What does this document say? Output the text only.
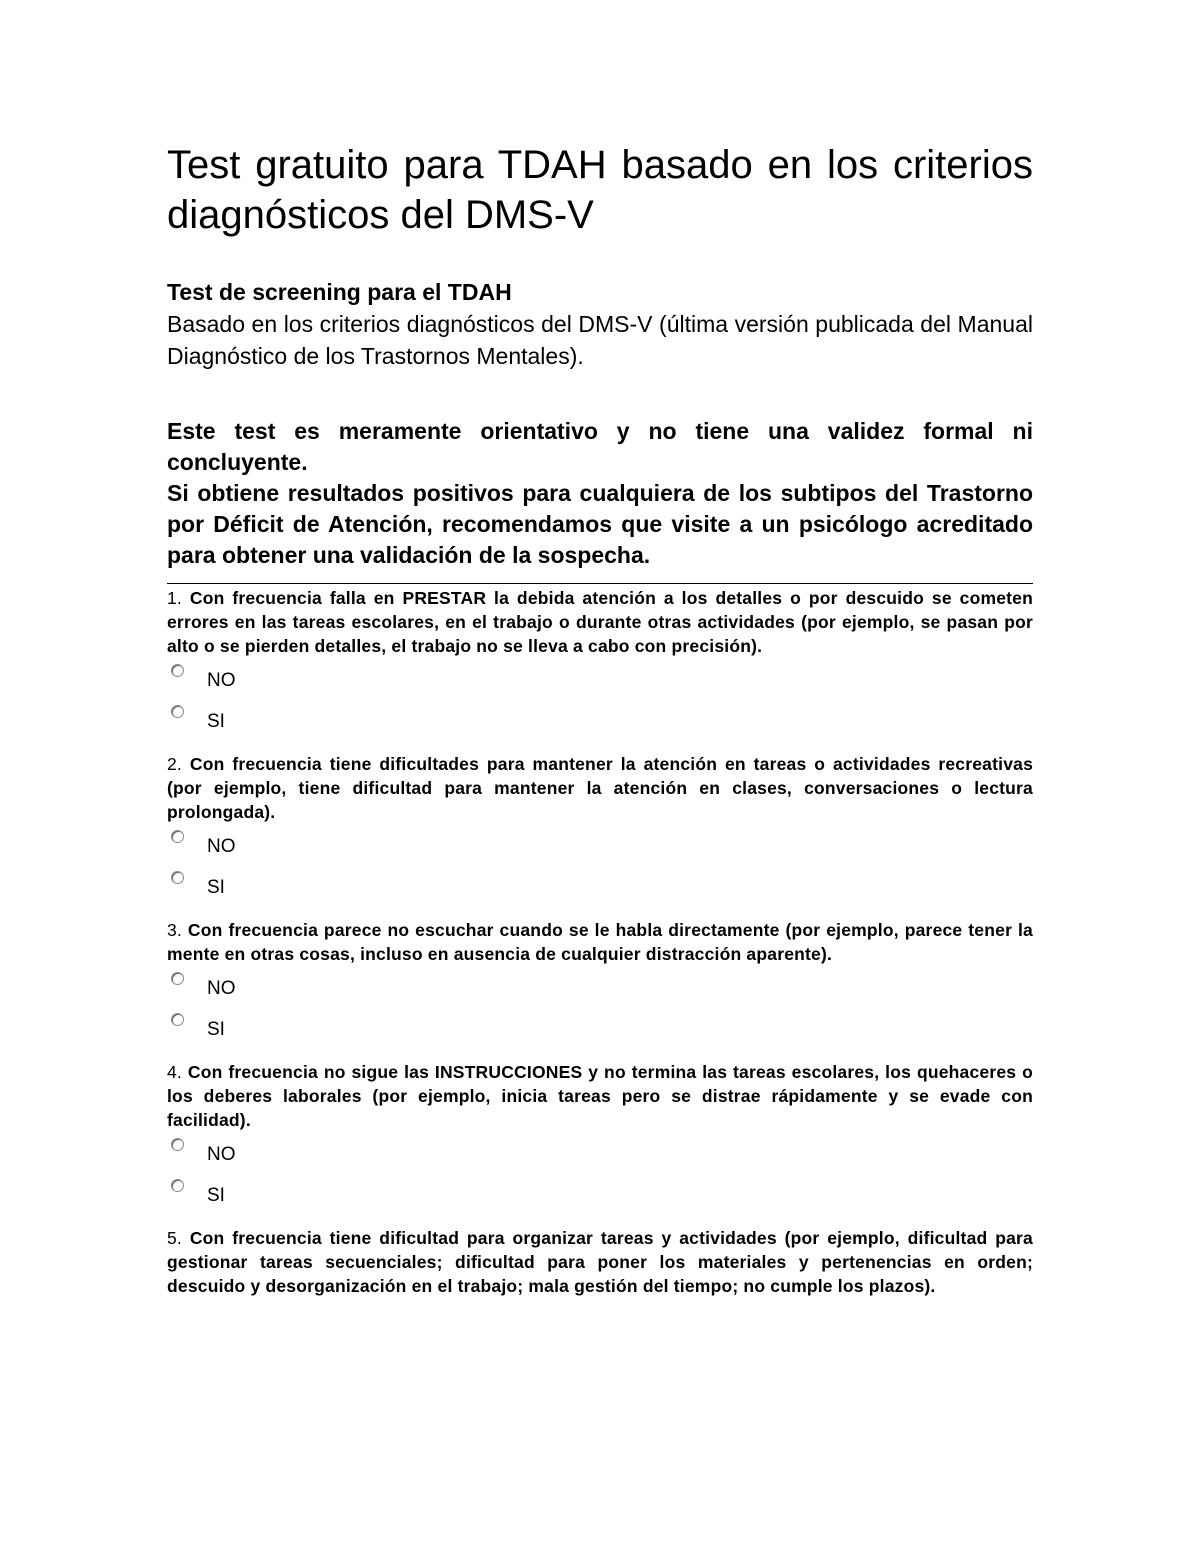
Test gratuito para TDAH basado en los criterios diagnósticos del DMS-V
Test de screening para el TDAH
Basado en los criterios diagnósticos del DMS-V (última versión publicada del Manual Diagnóstico de los Trastornos Mentales).
Este test es meramente orientativo y no tiene una validez formal ni concluyente.
Si obtiene resultados positivos para cualquiera de los subtipos del Trastorno por Déficit de Atención, recomendamos que visite a un psicólogo acreditado para obtener una validación de la sospecha.
1. Con frecuencia falla en PRESTAR la debida atención a los detalles o por descuido se cometen errores en las tareas escolares, en el trabajo o durante otras actividades (por ejemplo, se pasan por alto o se pierden detalles, el trabajo no se lleva a cabo con precisión).
NO
SI
2. Con frecuencia tiene dificultades para mantener la atención en tareas o actividades recreativas (por ejemplo, tiene dificultad para mantener la atención en clases, conversaciones o lectura prolongada).
NO
SI
3. Con frecuencia parece no escuchar cuando se le habla directamente (por ejemplo, parece tener la mente en otras cosas, incluso en ausencia de cualquier distracción aparente).
NO
SI
4. Con frecuencia no sigue las INSTRUCCIONES y no termina las tareas escolares, los quehaceres o los deberes laborales (por ejemplo, inicia tareas pero se distrae rápidamente y se evade con facilidad).
NO
SI
5. Con frecuencia tiene dificultad para organizar tareas y actividades (por ejemplo, dificultad para gestionar tareas secuenciales; dificultad para poner los materiales y pertenencias en orden; descuido y desorganización en el trabajo; mala gestión del tiempo; no cumple los plazos).
